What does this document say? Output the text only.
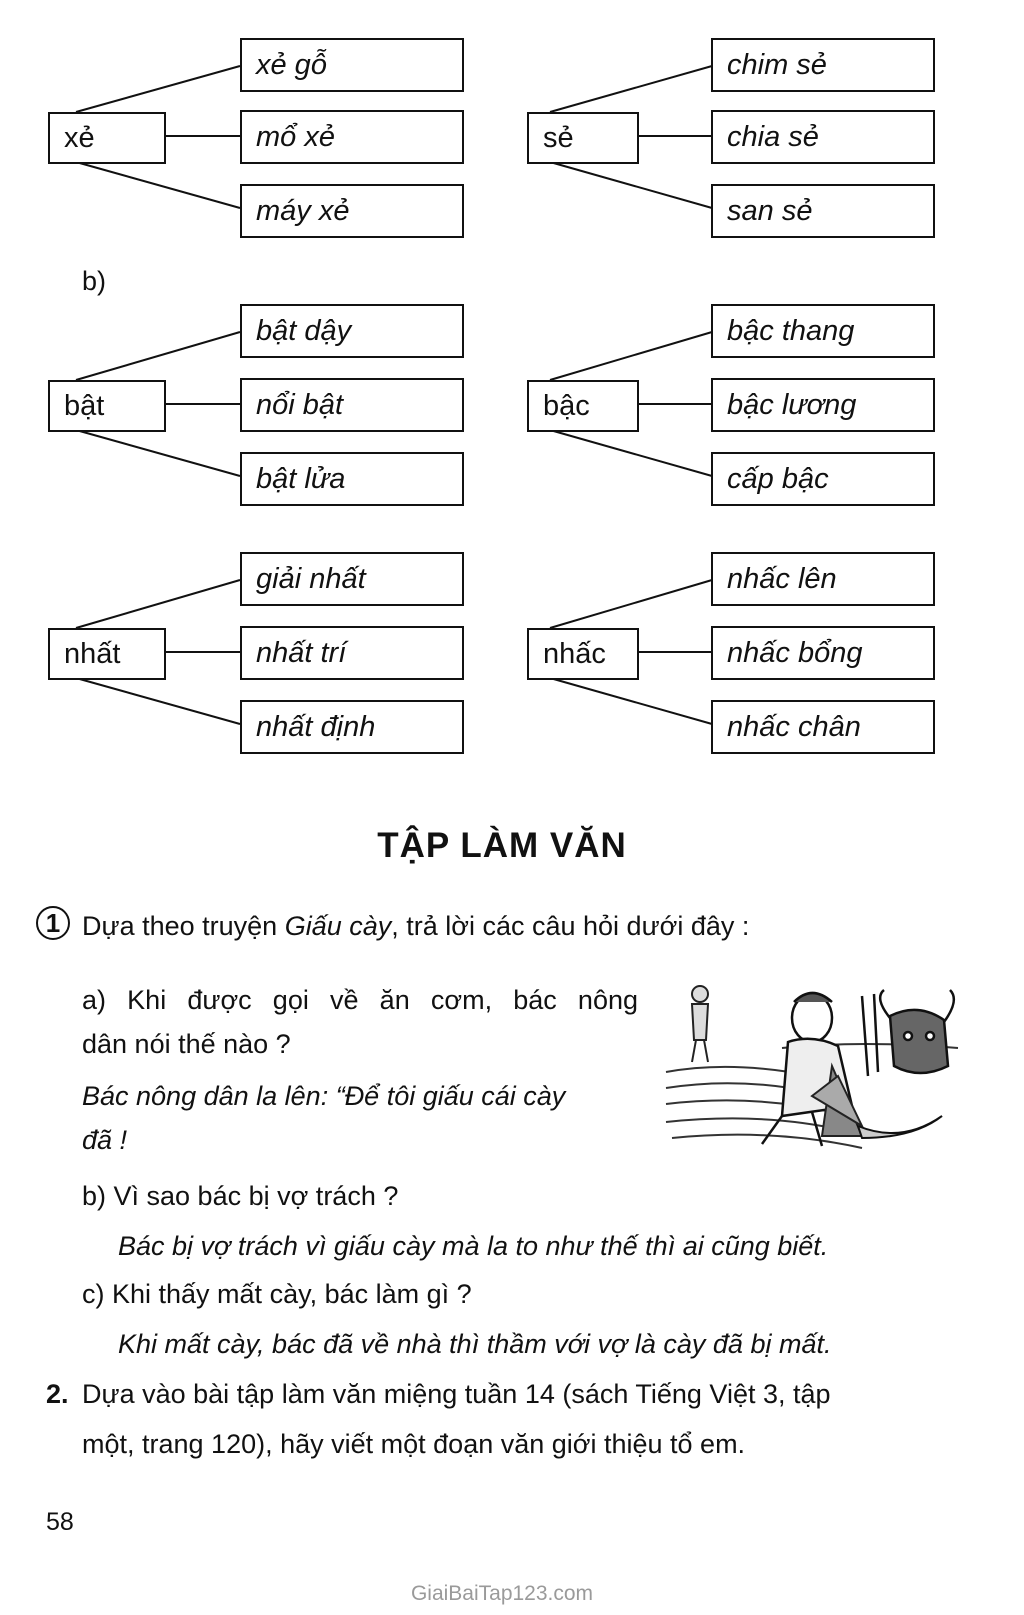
xẻ
xẻ gỗ
mổ xẻ
máy xẻ
sẻ
chim sẻ
chia sẻ
san sẻ
b)
bật
bật dậy
nổi bật
bật lửa
bậc
bậc thang
bậc lương
cấp bậc
nhất
giải nhất
nhất trí
nhất định
nhấc
nhấc lên
nhấc bổng
nhấc chân
TẬP LÀM VĂN
1 Dựa theo truyện Giấu cày, trả lời các câu hỏi dưới đây :
a) Khi được gọi về ăn cơm, bác nông
dân nói thế nào ?
Bác nông dân la lên: “Để tôi giấu cái cày
đã !
b) Vì sao bác bị vợ trách ?
Bác bị vợ trách vì giấu cày mà la to như thế thì ai cũng biết.
c) Khi thấy mất cày, bác làm gì ?
Khi mất cày, bác đã về nhà thì thầm với vợ là cày đã bị mất.
2. Dựa vào bài tập làm văn miệng tuần 14 (sách Tiếng Việt 3, tập
một, trang 120), hãy viết một đoạn văn giới thiệu tổ em.
58
GiaiBaiTap123.com
